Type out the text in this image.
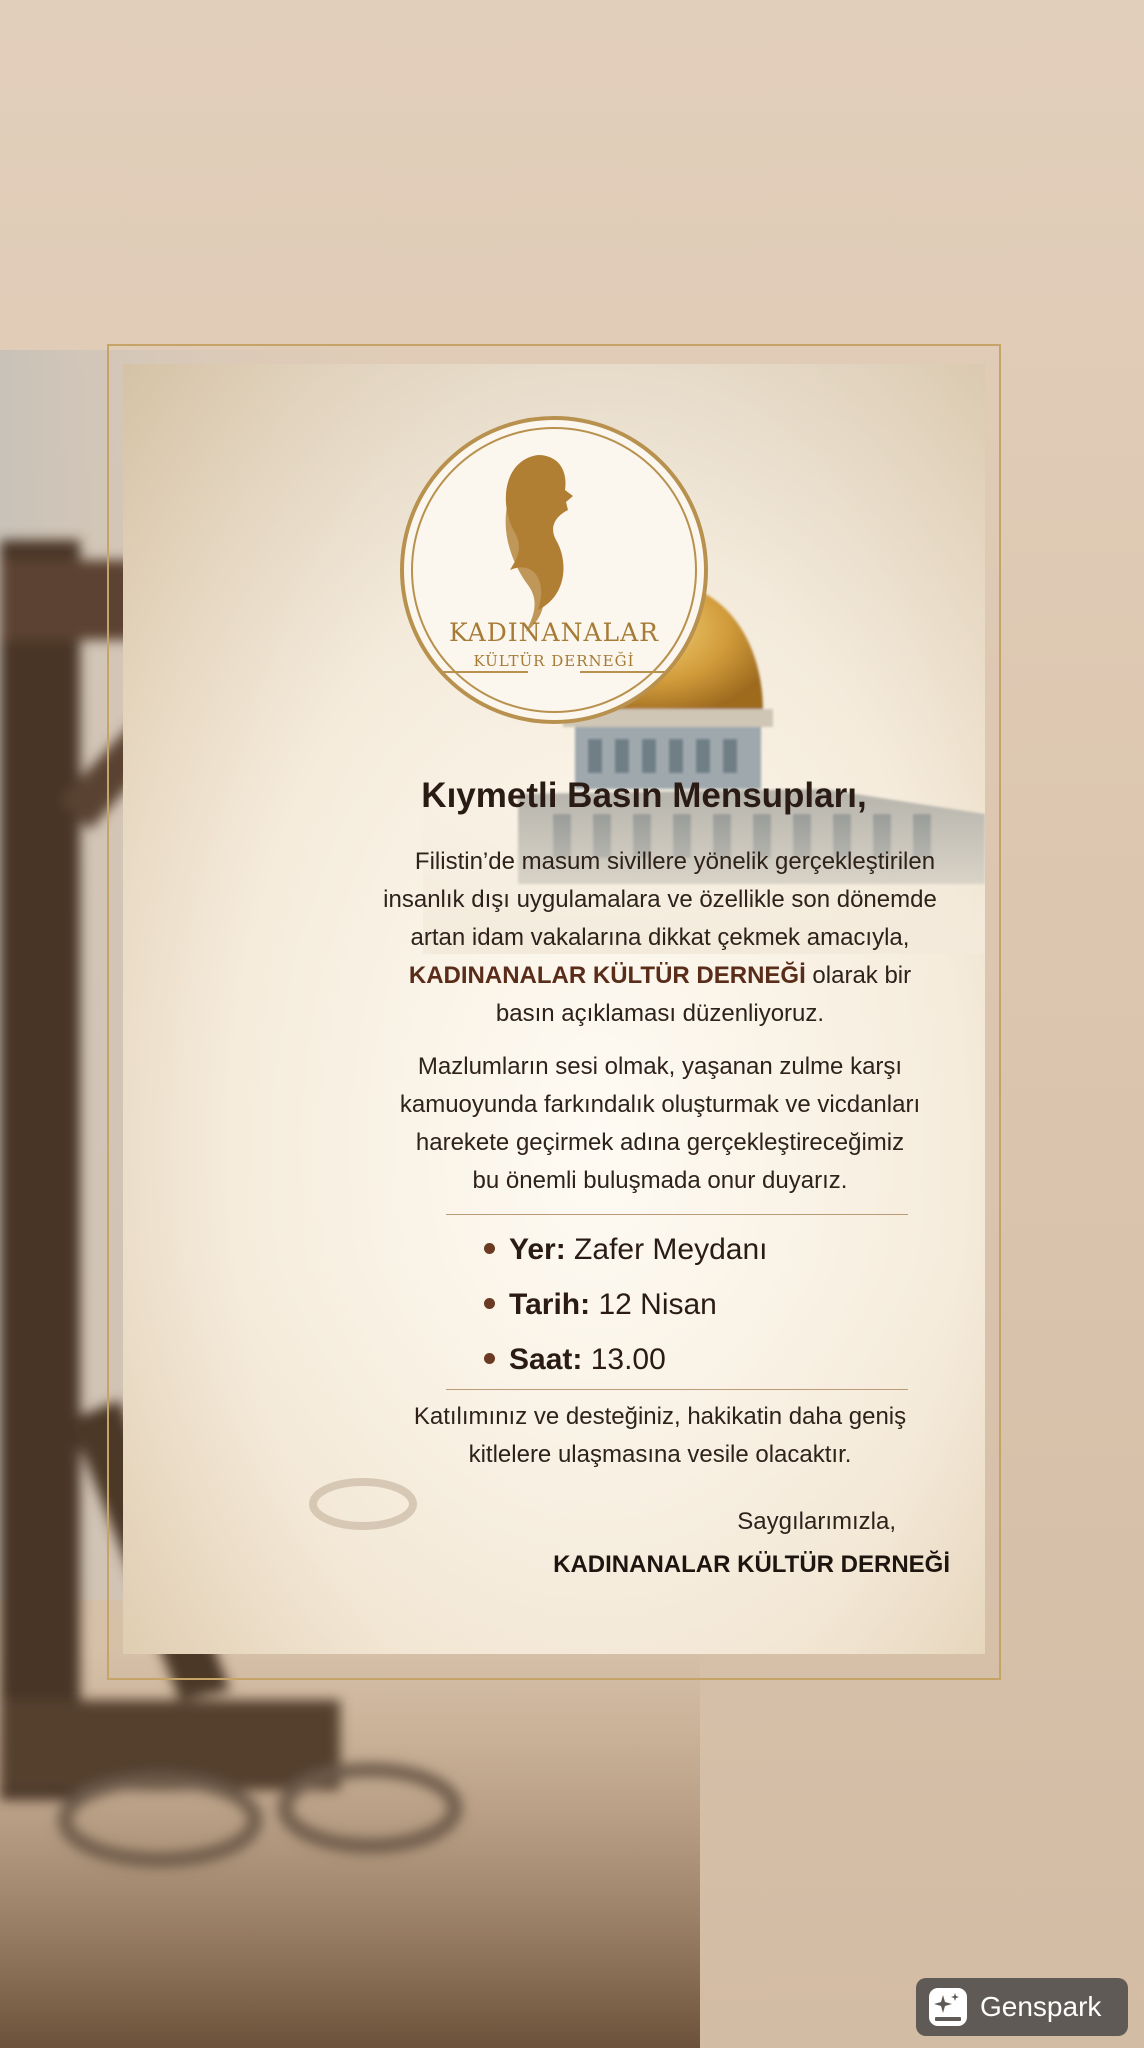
KADINANALAR
KÜLTÜR DERNEĞİ
Kıymetli Basın Mensupları,
Filistin’de masum sivillere yönelik gerçekleştirilen
insanlık dışı uygulamalara ve özellikle son dönemde
artan idam vakalarına dikkat çekmek amacıyla,
KADINANALAR KÜLTÜR DERNEĞİ olarak bir
basın açıklaması düzenliyoruz.
Mazlumların sesi olmak, yaşanan zulme karşı
kamuoyunda farkındalık oluşturmak ve vicdanları
harekete geçirmek adına gerçekleştireceğimiz
bu önemli buluşmada onur duyarız.
Yer: Zafer Meydanı
Tarih: 12 Nisan
Saat: 13.00
Katılımınız ve desteğiniz, hakikatin daha geniş
kitlelere ulaşmasına vesile olacaktır.
Saygılarımızla,
KADINANALAR KÜLTÜR DERNEĞİ
Genspark
